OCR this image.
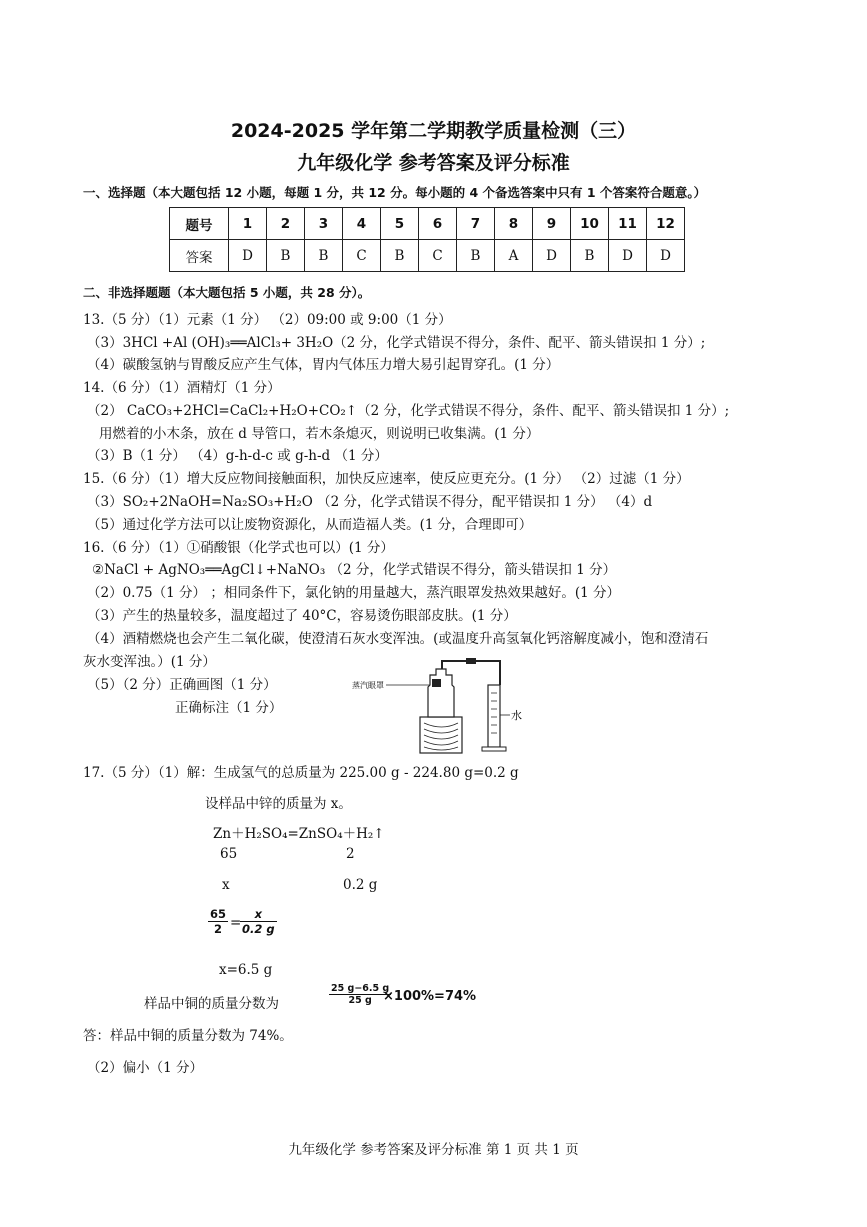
2024-2025 学年第二学期教学质量检测（三）
九年级化学 参考答案及评分标准
一、选择题（本大题包括 12 小题，每题 1 分，共 12 分。每小题的 4 个备选答案中只有 1 个答案符合题意。）
题号	1	2	3	4	5	6	7	8	9	10	11	12
答案	D	B	B	C	B	C	B	A	D	B	D	D
二、非选择题题（本大题包括 5 小题，共 28 分）。
13.（5 分）（1）元素（1 分） （2）09:00 或 9:00（1 分）
（3）3HCl +Al (OH)₃══AlCl₃+ 3H₂O（2 分，化学式错误不得分，条件、配平、箭头错误扣 1 分）;
（4）碳酸氢钠与胃酸反应产生气体，胃内气体压力增大易引起胃穿孔。(1 分）
14.（6 分）（1）酒精灯（1 分）
（2） CaCO₃+2HCl=CaCl₂+H₂O+CO₂↑（2 分，化学式错误不得分，条件、配平、箭头错误扣 1 分）;
用燃着的小木条，放在 d 导管口，若木条熄灭，则说明已收集满。(1 分）
（3）B（1 分） （4）g-h-d-c 或 g-h-d （1 分）
15.（6 分）（1）增大反应物间接触面积，加快反应速率，使反应更充分。(1 分） （2）过滤（1 分）
（3）SO₂+2NaOH=Na₂SO₃+H₂O （2 分，化学式错误不得分，配平错误扣 1 分） （4）d
（5）通过化学方法可以让废物资源化，从而造福人类。(1 分，合理即可）
16.（6 分）（1）①硝酸银（化学式也可以）(1 分）
②NaCl + AgNO₃══AgCl↓+NaNO₃ （2 分，化学式错误不得分，箭头错误扣 1 分）
（2）0.75（1 分） ；相同条件下，氯化钠的用量越大，蒸汽眼罩发热效果越好。(1 分）
（3）产生的热量较多，温度超过了 40°C，容易烫伤眼部皮肤。(1 分）
（4）酒精燃烧也会产生二氧化碳，使澄清石灰水变浑浊。(或温度升高氢氧化钙溶解度减小，饱和澄清石
灰水变浑浊。）(1 分）
（5）（2 分）正确画图（1 分）
正确标注（1 分）
蒸汽眼罩
水
17.（5 分）（1）解：生成氢气的总质量为 225.00 g - 224.80 g=0.2 g
设样品中锌的质量为 x。
Zn＋H₂SO₄=ZnSO₄＋H₂↑
65	2
x	0.2 g
$\frac{65}{2}$ =
$\frac{x}{0.2 g}$
x=6.5 g
样品中铜的质量分数为	$\frac{25 g-6.5 g}{25 g}$
×100%=74%
答：样品中铜的质量分数为 74%。
（2）偏小（1 分）
九年级化学 参考答案及评分标准 第 1 页 共 1 页
